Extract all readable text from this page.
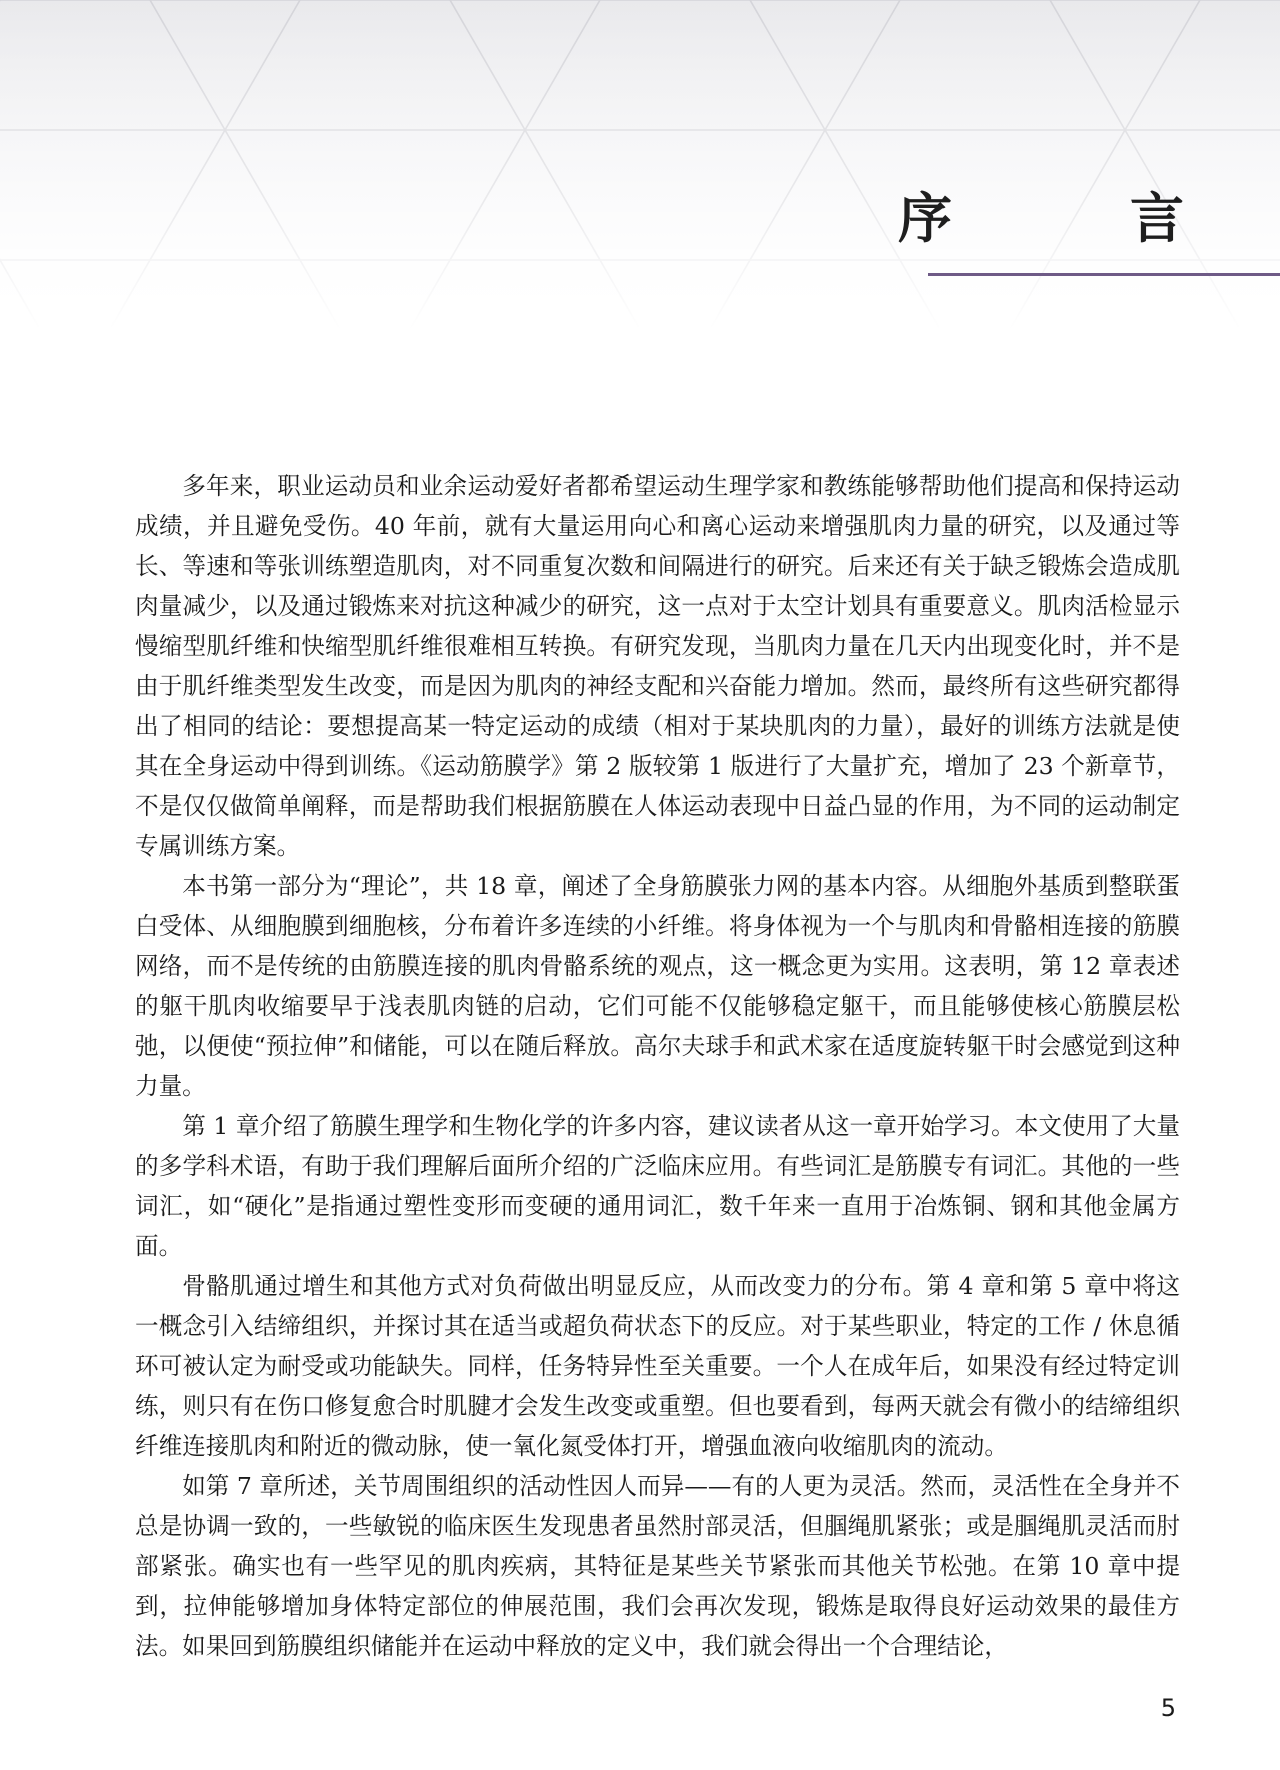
序　言

多年来，职业运动员和业余运动爱好者都希望运动生理学家和教练能够帮助他们提高和保持运动成绩，并且避免受伤。40 年前，就有大量运用向心和离心运动来增强肌肉力量的研究，以及通过等长、等速和等张训练塑造肌肉，对不同重复次数和间隔进行的研究。后来还有关于缺乏锻炼会造成肌肉量减少，以及通过锻炼来对抗这种减少的研究，这一点对于太空计划具有重要意义。肌肉活检显示慢缩型肌纤维和快缩型肌纤维很难相互转换。有研究发现，当肌肉力量在几天内出现变化时，并不是由于肌纤维类型发生改变，而是因为肌肉的神经支配和兴奋能力增加。然而，最终所有这些研究都得出了相同的结论：要想提高某一特定运动的成绩（相对于某块肌肉的力量），最好的训练方法就是使其在全身运动中得到训练。《运动筋膜学》第 2 版较第 1 版进行了大量扩充，增加了 23 个新章节，不是仅仅做简单阐释，而是帮助我们根据筋膜在人体运动表现中日益凸显的作用，为不同的运动制定专属训练方案。

本书第一部分为“理论”，共 18 章，阐述了全身筋膜张力网的基本内容。从细胞外基质到整联蛋白受体、从细胞膜到细胞核，分布着许多连续的小纤维。将身体视为一个与肌肉和骨骼相连接的筋膜网络，而不是传统的由筋膜连接的肌肉骨骼系统的观点，这一概念更为实用。这表明，第 12 章表述的躯干肌肉收缩要早于浅表肌肉链的启动，它们可能不仅能够稳定躯干，而且能够使核心筋膜层松弛，以便使“预拉伸”和储能，可以在随后释放。高尔夫球手和武术家在适度旋转躯干时会感觉到这种力量。

第 1 章介绍了筋膜生理学和生物化学的许多内容，建议读者从这一章开始学习。本文使用了大量的多学科术语，有助于我们理解后面所介绍的广泛临床应用。有些词汇是筋膜专有词汇。其他的一些词汇，如“硬化”是指通过塑性变形而变硬的通用词汇，数千年来一直用于冶炼铜、钢和其他金属方面。

骨骼肌通过增生和其他方式对负荷做出明显反应，从而改变力的分布。第 4 章和第 5 章中将这一概念引入结缔组织，并探讨其在适当或超负荷状态下的反应。对于某些职业，特定的工作 / 休息循环可被认定为耐受或功能缺失。同样，任务特异性至关重要。一个人在成年后，如果没有经过特定训练，则只有在伤口修复愈合时肌腱才会发生改变或重塑。但也要看到，每两天就会有微小的结缔组织纤维连接肌肉和附近的微动脉，使一氧化氮受体打开，增强血液向收缩肌肉的流动。

如第 7 章所述，关节周围组织的活动性因人而异——有的人更为灵活。然而，灵活性在全身并不总是协调一致的，一些敏锐的临床医生发现患者虽然肘部灵活，但腘绳肌紧张；或是腘绳肌灵活而肘部紧张。确实也有一些罕见的肌肉疾病，其特征是某些关节紧张而其他关节松弛。在第 10 章中提到，拉伸能够增加身体特定部位的伸展范围，我们会再次发现，锻炼是取得良好运动效果的最佳方法。如果回到筋膜组织储能并在运动中释放的定义中，我们就会得出一个合理结论，

5
